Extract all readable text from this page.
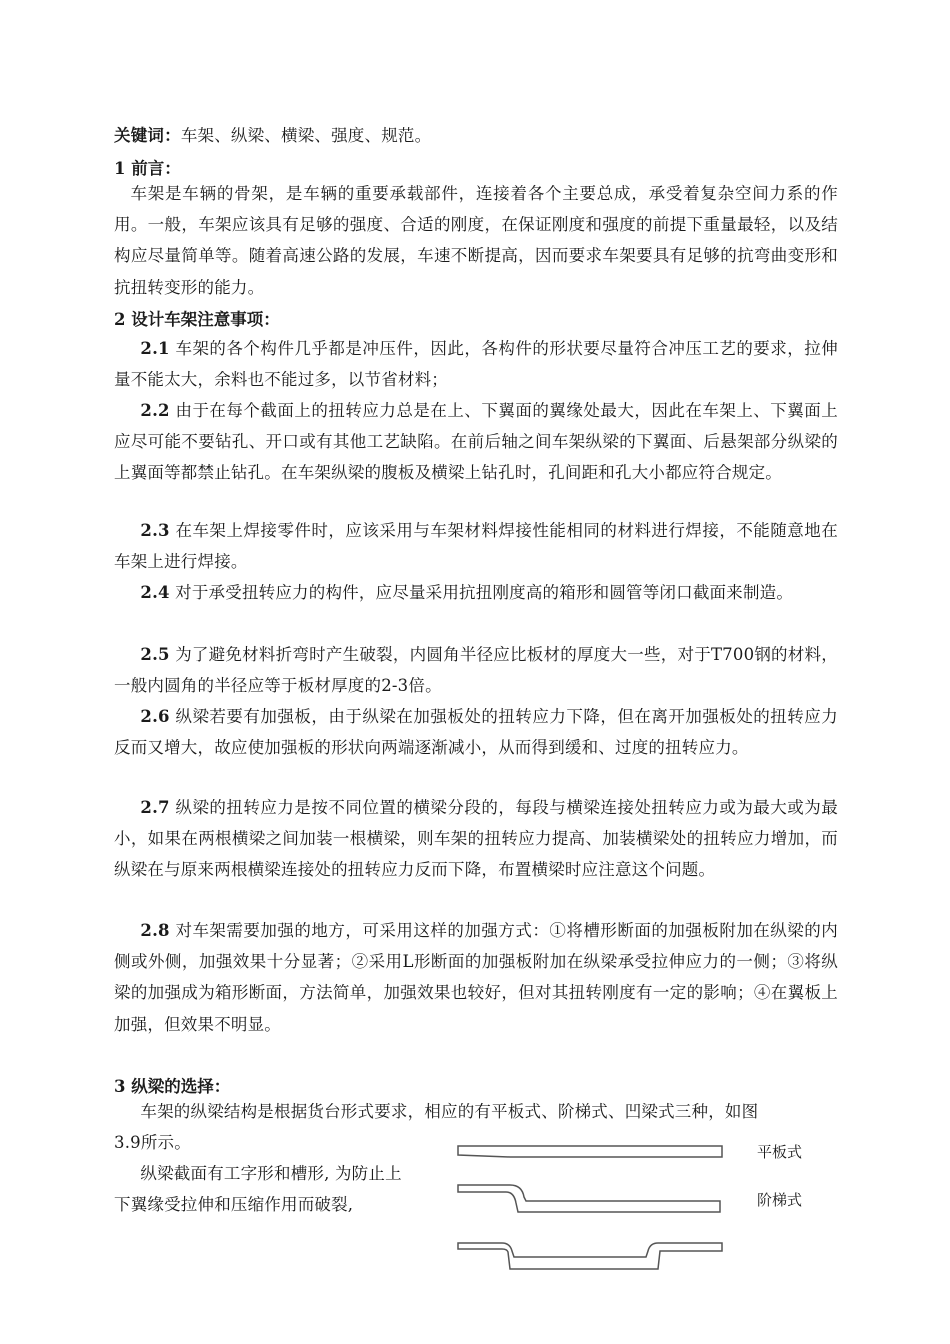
关键词：车架、纵梁、横梁、强度、规范。
1 前言：
车架是车辆的骨架，是车辆的重要承载部件，连接着各个主要总成，承受着复杂空间力系的作用。一般，车架应该具有足够的强度、合适的刚度，在保证刚度和强度的前提下重量最轻，以及结构应尽量简单等。随着高速公路的发展，车速不断提高，因而要求车架要具有足够的抗弯曲变形和抗扭转变形的能力。
2 设计车架注意事项：
2.1 车架的各个构件几乎都是冲压件，因此，各构件的形状要尽量符合冲压工艺的要求，拉伸量不能太大，余料也不能过多，以节省材料；
2.2 由于在每个截面上的扭转应力总是在上、下翼面的翼缘处最大，因此在车架上、下翼面上应尽可能不要钻孔、开口或有其他工艺缺陷。在前后轴之间车架纵梁的下翼面、后悬架部分纵梁的上翼面等都禁止钻孔。在车架纵梁的腹板及横梁上钻孔时，孔间距和孔大小都应符合规定。
2.3 在车架上焊接零件时，应该采用与车架材料焊接性能相同的材料进行焊接，不能随意地在车架上进行焊接。
2.4 对于承受扭转应力的构件，应尽量采用抗扭刚度高的箱形和圆管等闭口截面来制造。
2.5 为了避免材料折弯时产生破裂，内圆角半径应比板材的厚度大一些，对于T700钢的材料，一般内圆角的半径应等于板材厚度的2-3倍。
2.6 纵梁若要有加强板，由于纵梁在加强板处的扭转应力下降，但在离开加强板处的扭转应力反而又增大，故应使加强板的形状向两端逐渐减小，从而得到缓和、过度的扭转应力。
2.7 纵梁的扭转应力是按不同位置的横梁分段的，每段与横梁连接处扭转应力或为最大或为最小，如果在两根横梁之间加装一根横梁，则车架的扭转应力提高、加装横梁处的扭转应力增加，而纵梁在与原来两根横梁连接处的扭转应力反而下降，布置横梁时应注意这个问题。
2.8 对车架需要加强的地方，可采用这样的加强方式：①将槽形断面的加强板附加在纵梁的内侧或外侧，加强效果十分显著；②采用L形断面的加强板附加在纵梁承受拉伸应力的一侧；③将纵梁的加强成为箱形断面，方法简单，加强效果也较好，但对其扭转刚度有一定的影响；④在翼板上加强，但效果不明显。
3 纵梁的选择：
车架的纵梁结构是根据货台形式要求，相应的有平板式、阶梯式、凹梁式三种，如图
3.9所示。
纵梁截面有工字形和槽形, 为防止上
下翼缘受拉伸和压缩作用而破裂,
平板式
阶梯式
